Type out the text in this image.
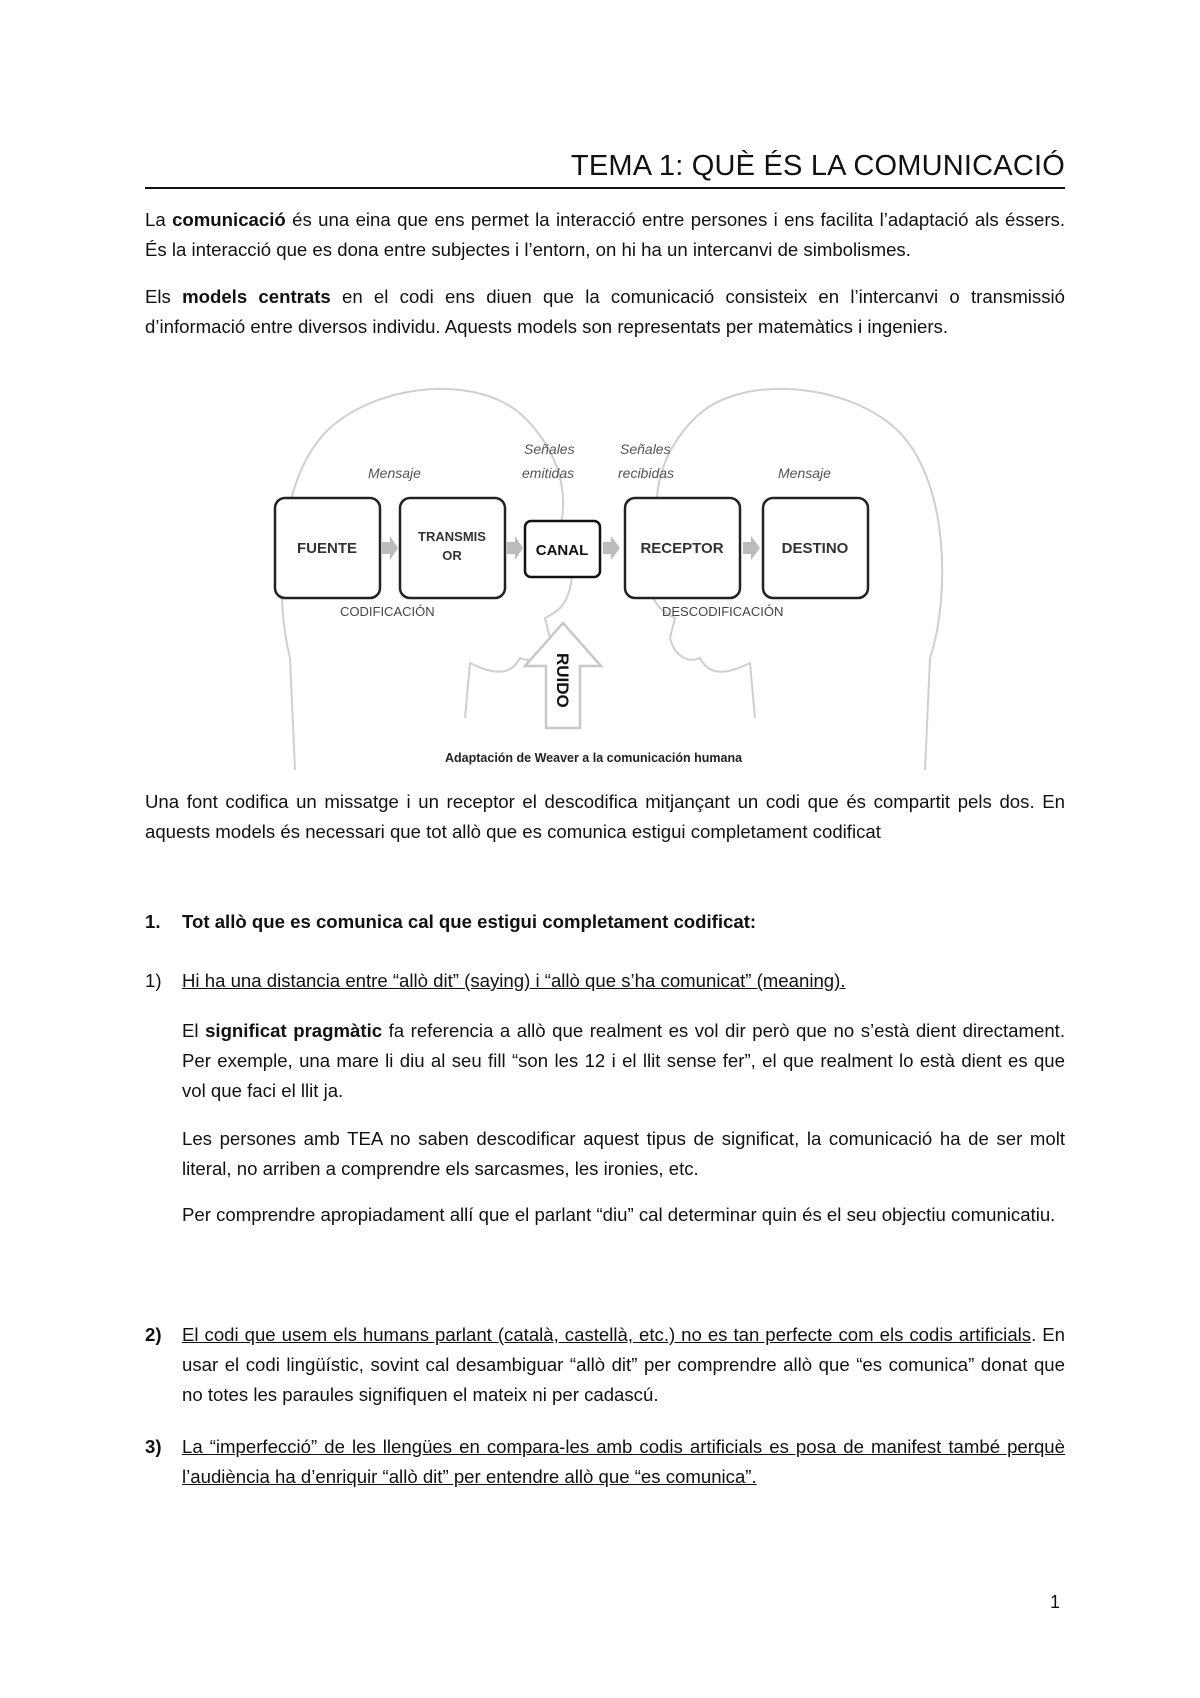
TEMA 1: QUÈ ÉS LA COMUNICACIÓ

La comunicació és una eina que ens permet la interacció entre persones i ens facilita l’adaptació als éssers. És la interacció que es dona entre subjectes i l’entorn, on hi ha un intercanvi de simbolismes.

Els models centrats en el codi ens diuen que la comunicació consisteix en l’intercanvi o transmissió d’informació entre diversos individu. Aquests models son representats per matemàtics i ingeniers.

Mensaje
Señales
emitidas
Señales
recibidas	Mensaje
FUENTE
TRANSMIS
OR	CANAL	RECEPTOR	DESTINO
CODIFICACIÓN	DESCODIFICACIÓN
RUIDO
Adaptación de Weaver a la comunicación humana

Una font codifica un missatge i un receptor el descodifica mitjançant un codi que és compartit pels dos. En aquests models és necessari que tot allò que es comunica estigui completament codificat

1. Tot allò que es comunica cal que estigui completament codificat:
1) Hi ha una distancia entre “allò dit” (saying) i “allò que s’ha comunicat” (meaning).

El significat pragmàtic fa referencia a allò que realment es vol dir però que no s’està dient directament. Per exemple, una mare li diu al seu fill “son les 12 i el llit sense fer”, el que realment lo està dient es que vol que faci el llit ja.

Les persones amb TEA no saben descodificar aquest tipus de significat, la comunicació ha de ser molt literal, no arriben a comprendre els sarcasmes, les ironies, etc.

Per comprendre apropiadament allí que el parlant “diu” cal determinar quin és el seu objectiu comunicatiu.

2) El codi que usem els humans parlant (català, castellà, etc.) no es tan perfecte com els codis artificials. En usar el codi lingüístic, sovint cal desambiguar “allò dit” per comprendre allò que “es comunica” donat que no totes les paraules signifiquen el mateix ni per cadascú.

3) La “imperfecció” de les llengües en compara-les amb codis artificials es posa de manifest també perquè l’audiència ha d’enriquir “allò dit” per entendre allò que “es comunica”.

1
